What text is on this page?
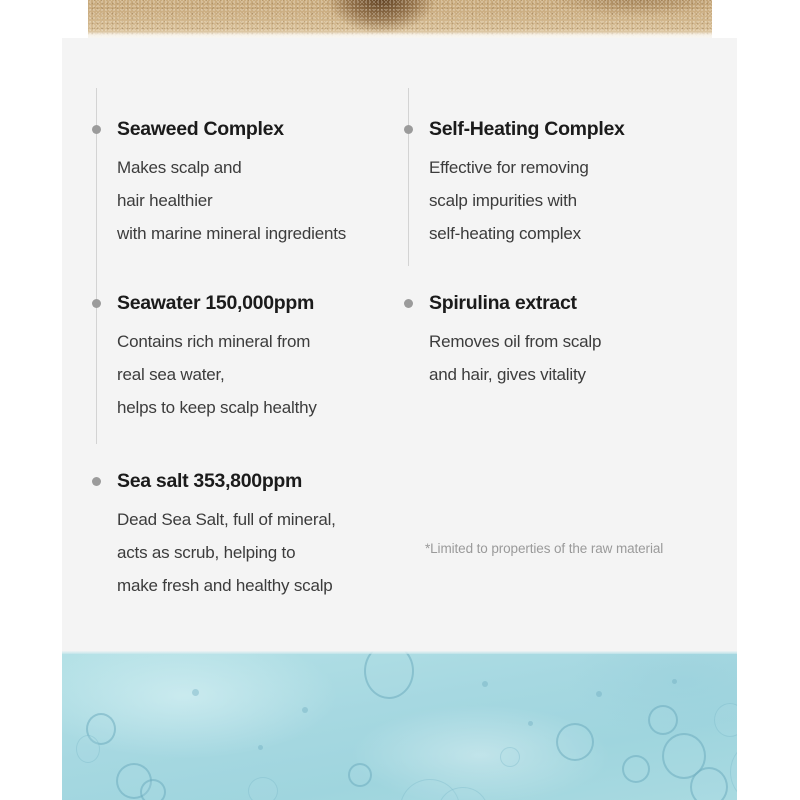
Seaweed Complex

Makes scalp and
hair healthier
with marine mineral ingredients

Seawater 150,000ppm

Contains rich mineral from
real sea water,
helps to keep scalp healthy

Sea salt 353,800ppm

Dead Sea Salt, full of mineral,
acts as scrub, helping to
make fresh and healthy scalp

Self-Heating Complex

Effective for removing
scalp impurities with
self-heating complex

Spirulina extract

Removes oil from scalp
and hair, gives vitality

*Limited to properties of the raw material
